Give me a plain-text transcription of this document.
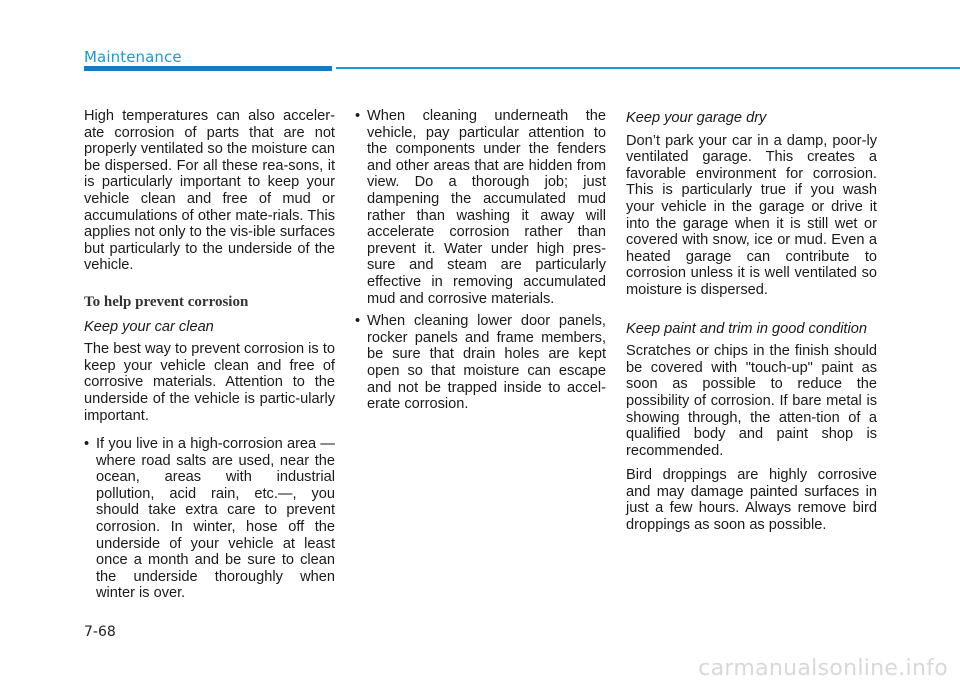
Maintenance

High temperatures can also acceler-ate corrosion of parts that are not properly ventilated so the moisture can be dispersed. For all these rea-sons, it is particularly important to keep your vehicle clean and free of mud or accumulations of other mate-rials. This applies not only to the vis-ible surfaces but particularly to the underside of the vehicle.

To help prevent corrosion
Keep your car clean

The best way to prevent corrosion is to keep your vehicle clean and free of corrosive materials. Attention to the underside of the vehicle is partic-ularly important.

• If you live in a high-corrosion area — where road salts are used, near the ocean, areas with industrial pollution, acid rain, etc.—, you should take extra care to prevent corrosion. In winter, hose off the underside of your vehicle at least once a month and be sure to clean the underside thoroughly when winter is over.
• When cleaning underneath the vehicle, pay particular attention to the components under the fenders and other areas that are hidden from view. Do a thorough job; just dampening the accumulated mud rather than washing it away will accelerate corrosion rather than prevent it. Water under high pres-sure and steam are particularly effective in removing accumulated mud and corrosive materials.
• When cleaning lower door panels, rocker panels and frame members, be sure that drain holes are kept open so that moisture can escape and not be trapped inside to accel-erate corrosion.
Keep your garage dry

Don’t park your car in a damp, poor-ly ventilated garage. This creates a favorable environment for corrosion. This is particularly true if you wash your vehicle in the garage or drive it into the garage when it is still wet or covered with snow, ice or mud. Even a heated garage can contribute to corrosion unless it is well ventilated so moisture is dispersed.

Keep paint and trim in good condition

Scratches or chips in the finish should be covered with "touch-up" paint as soon as possible to reduce the possibility of corrosion. If bare metal is showing through, the atten-tion of a qualified body and paint shop is recommended.

Bird droppings are highly corrosive and may damage painted surfaces in just a few hours. Always remove bird droppings as soon as possible.

7-68
carmanualsonline.info
